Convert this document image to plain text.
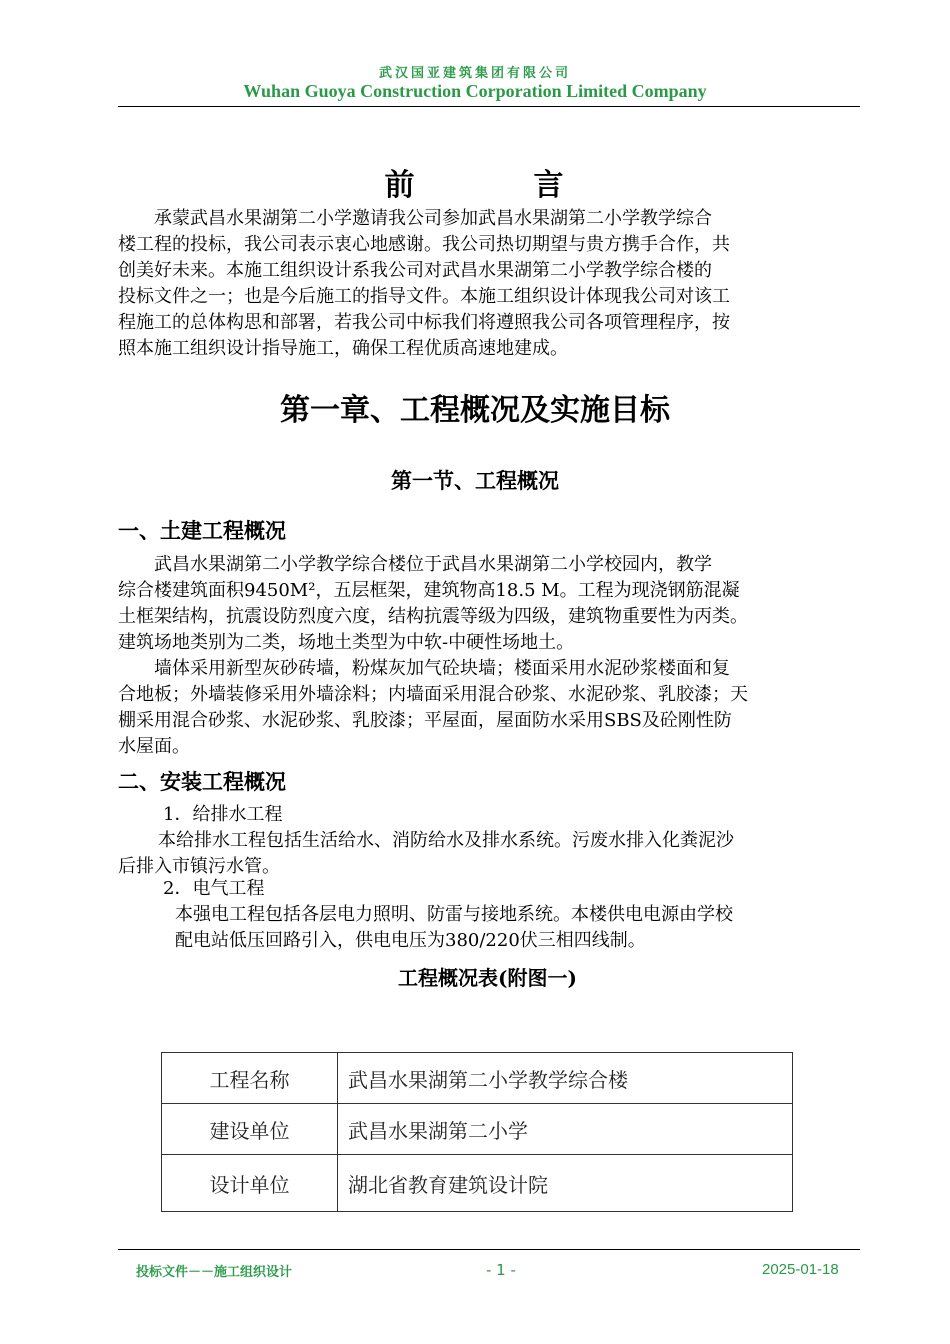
武汉国亚建筑集团有限公司
Wuhan Guoya Construction Corporation Limited Company
前	言
　　承蒙武昌水果湖第二小学邀请我公司参加武昌水果湖第二小学教学综合
楼工程的投标，我公司表示衷心地感谢。我公司热切期望与贵方携手合作，共
创美好未来。本施工组织设计系我公司对武昌水果湖第二小学教学综合楼的
投标文件之一；也是今后施工的指导文件。本施工组织设计体现我公司对该工
程施工的总体构思和部署，若我公司中标我们将遵照我公司各项管理程序，按
照本施工组织设计指导施工，确保工程优质高速地建成。
第一章、工程概况及实施目标
第一节、工程概况
一、土建工程概况
　　武昌水果湖第二小学教学综合楼位于武昌水果湖第二小学校园内，教学
综合楼建筑面积9450M²，五层框架，建筑物高18.5 M。工程为现浇钢筋混凝
土框架结构，抗震设防烈度六度，结构抗震等级为四级，建筑物重要性为丙类。
建筑场地类别为二类，场地土类型为中软-中硬性场地土。
　　墙体采用新型灰砂砖墙，粉煤灰加气砼块墙；楼面采用水泥砂浆楼面和复
合地板；外墙装修采用外墙涂料；内墙面采用混合砂浆、水泥砂浆、乳胶漆；天
棚采用混合砂浆、水泥砂浆、乳胶漆；平屋面，屋面防水采用SBS及砼刚性防
水屋面。
二、安装工程概况
1．给排水工程
本给排水工程包括生活给水、消防给水及排水系统。污废水排入化粪泥沙
后排入市镇污水管。
2．电气工程
本强电工程包括各层电力照明、防雷与接地系统。本楼供电电源由学校
配电站低压回路引入，供电电压为380/220伏三相四线制。
工程概况表(附图一)
工程名称	武昌水果湖第二小学教学综合楼
建设单位	武昌水果湖第二小学
设计单位	湖北省教育建筑设计院
投标文件－－施工组织设计	- 1 -	2025-01-18
